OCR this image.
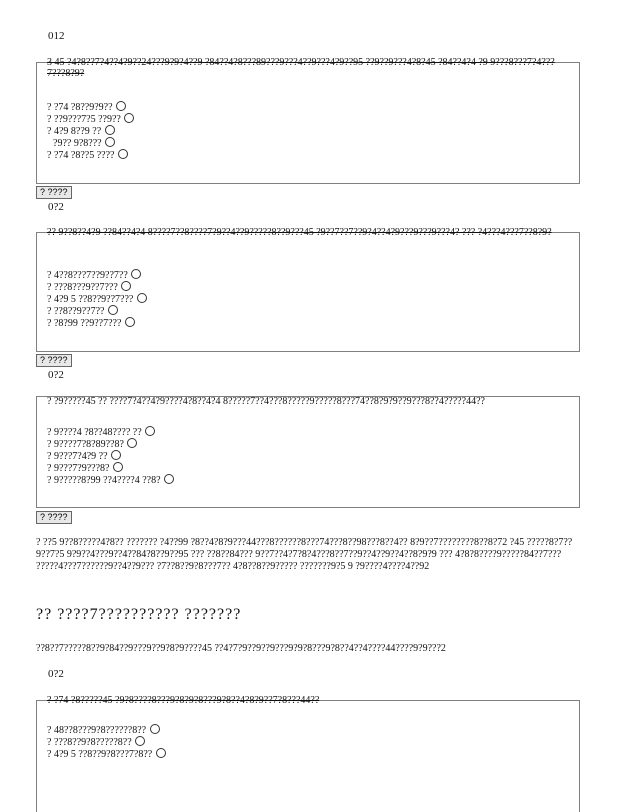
012
3 45 ?4?8??7?4??4?9??24???9?9?4??9 ?84??4?8???89???9???4??9???4?9??95 ??9??9???4?8?45 ?84??4?4 ?9 9???8???7?4???7???8?9?
? ?74 ?8??9?9??
? ??9???7?5 ??9??
? 4?9 8??9 ??
?9?? 9?8???
? ?74 ?8??5 ????
? ????
0?2
?? 9??8??4?9 ??84??4?4 8????7??8????7?9??4??9?????8??9???45 ?9??7??7??9?4??4?9???9???9???4? ??? ?4???4???7??8?9?
? 4??8???7??9??7??
? ???8???9??7???
? 4?9 5 ??8??9??7???
? ??8??9??7??
? ?8?99 ??9??7???
? ????
0?2
? ?9?????45 ?? ????7?4??4?9????4?8??4?4 8?????7??4???8?????9?????8???74??8?9?9??9???8??4?????44??
? 9????4 ?8??48???? ??
? 9????7?8?89??8?
? 9???7?4?9 ??
? 9???7?9???8?
? 9?????8?99 ??4????4 ??8?
? ????
? ??5 9??8?????4?8?? ??????? ?4??99 ?8??4?8?9???44???8??????8???74???8??98???8??4?? 8?9??7????????8??8?72 ?45 ?????8?7??9??7?5 9?9??4???9??4??84?8??9??95 ??? ??8??84??? 9??7??4?7?8?4???8??7??9??4??9??4??8?9?9 ??? 4?8?8????9?????84??7??? ?????4???7??????9??4??9??? ?7??8??9?8???7?? 4?8??8??9????? ???????9?5 9 ?9????4????4??92
?? ????7?????????? ???????
??8??7?????8??9?84??9???9??9?8?9????45 ??4?7?9??9??9???9?9?8???9?8??4??4????44????9?9???2
0?2
? ?74 ?8?????45 ?9?8????8???9?8?9?8???9?8??4?8?9??7?8???44??
? 48??8???9?8??????8??
? ???8??9?8?????8??
? 4?9 5 ??8??9?8???7?8??
